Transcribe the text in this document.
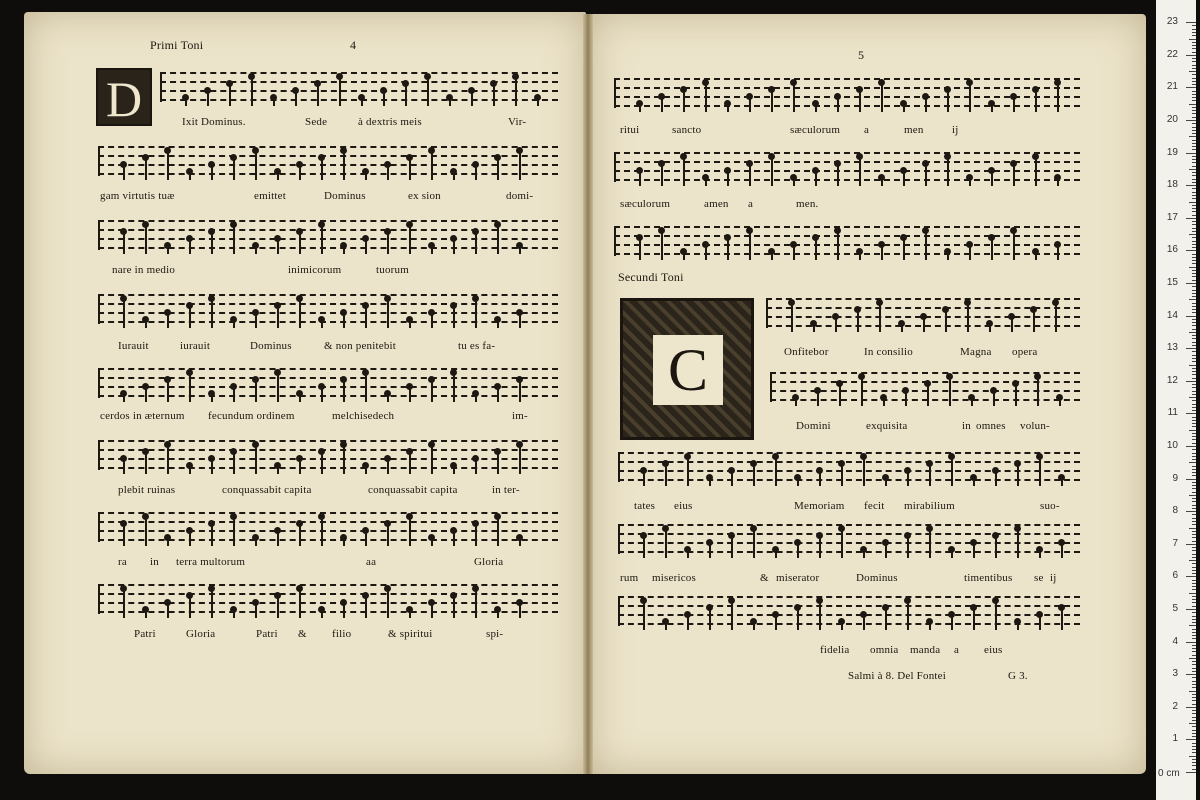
Primi Toni	4
D	Ixit Dominus.	Sede	à dextris meis	Vir-
gam virtutis tuæ	emittet	Dominus	ex sion	domi-
nare in medio	inimicorum	tuorum
Iurauit	iurauit	Dominus	& non penitebit	tu es fa-
cerdos in æternum fecundum ordinem	melchisedech	im-
plebit ruinas	conquassabit capita	conquassabit capita	in ter-
ra in terra multorum	aa	Gloria
Patri	Gloria	Patri & filio	& spiritui	spi-
5
ritui	sancto	sæculorum a	men	ij
sæculorum	amen a	men.
Secundi Toni
C	Onfitebor	In consilio	Magna opera
Domini	exquisita	in omnes volun-
tates eius	Memoriam fecit mirabilium	suo-
rum misericos	& miserator	Dominus	timentibus se ij
fidelia omnia manda a eius
Salmi à 8. Del Fontei	G 3.
0 cm
1
2
3
4
5
6
7
8
9
10
11
12
13
14
15
16
17
18
19
20
21
22
23
